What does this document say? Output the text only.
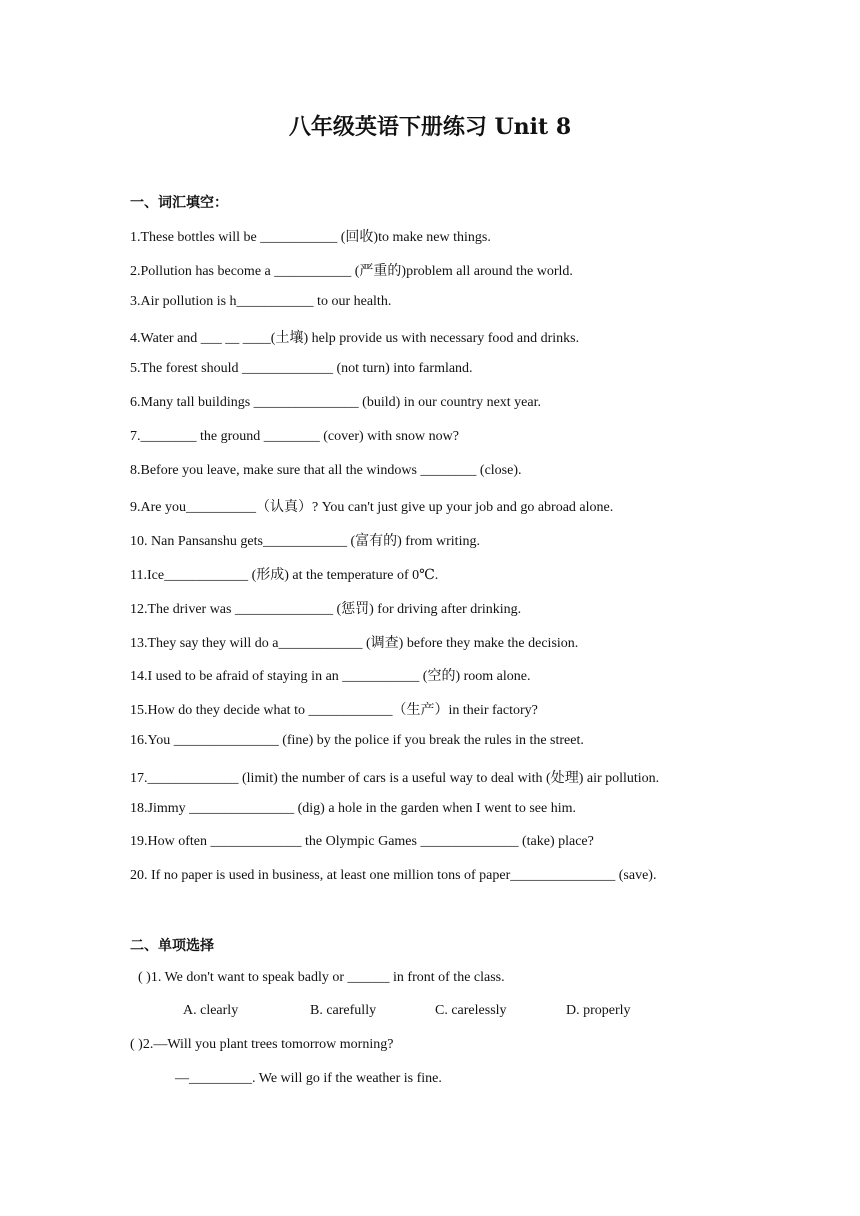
八年级英语下册练习 Unit 8
一、词汇填空：
1.These bottles will be ___________ (回收)to make new things.
2.Pollution has become a ___________ (严重的)problem all around the world.
3.Air pollution is h___________ to our health.
4.Water and ___ __ ____(土壤) help provide us with necessary food and drinks.
5.The forest should _____________ (not turn) into farmland.
6.Many tall buildings _______________ (build) in our country next year.
7.________ the ground ________ (cover) with snow now?
8.Before you leave, make sure that all the windows ________ (close).
9.Are you__________（认真）? You can't just give up your job and go abroad alone.
10. Nan Pansanshu gets____________ (富有的) from writing.
11.Ice____________ (形成) at the temperature of 0℃.
12.The driver was ______________ (惩罚) for driving after drinking.
13.They say they will do a____________ (调查) before they make the decision.
14.I used to be afraid of staying in an ___________ (空的) room alone.
15.How do they decide what to ____________（生产）in their factory?
16.You _______________ (fine) by the police if you break the rules in the street.
17._____________ (limit) the number of cars is a useful way to deal with (处理) air pollution.
18.Jimmy _______________ (dig) a hole in the garden when I went to see him.
19.How often _____________ the Olympic Games ______________ (take) place?
20. If no paper is used in business, at least one million tons of paper_______________ (save).
二、单项选择
( )1. We don't want to speak badly or ______ in front of the class.
A. clearly	B. carefully	C. carelessly	D. properly
( )2.—Will you plant trees tomorrow morning?
—_________. We will go if the weather is fine.
